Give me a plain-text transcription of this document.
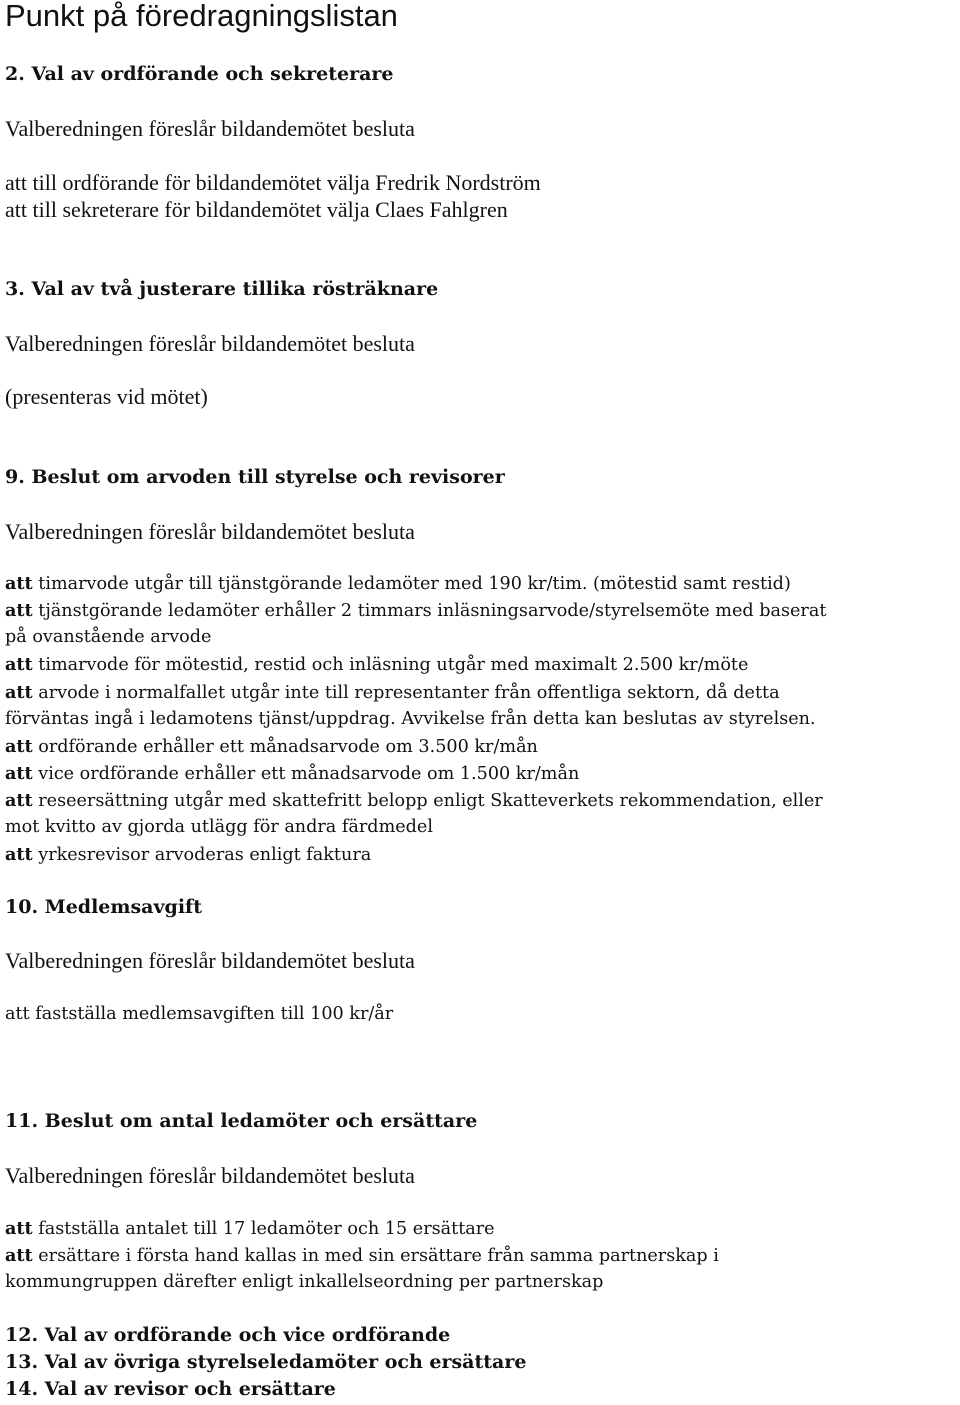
Punkt på föredragningslistan
2. Val av ordförande och sekreterare
Valberedningen föreslår bildandemötet besluta
att till ordförande för bildandemötet välja Fredrik Nordström
att till sekreterare för bildandemötet välja Claes Fahlgren
3. Val av två justerare tillika rösträknare
Valberedningen föreslår bildandemötet besluta
(presenteras vid mötet)
9. Beslut om arvoden till styrelse och revisorer
Valberedningen föreslår bildandemötet besluta
att timarvode utgår till tjänstgörande ledamöter med 190 kr/tim. (mötestid samt restid)
att tjänstgörande ledamöter erhåller 2 timmars inläsningsarvode/styrelsemöte med baserat
på ovanstående arvode
att timarvode för mötestid, restid och inläsning utgår med maximalt 2.500 kr/möte
att arvode i normalfallet utgår inte till representanter från offentliga sektorn, då detta
förväntas ingå i ledamotens tjänst/uppdrag. Avvikelse från detta kan beslutas av styrelsen.
att ordförande erhåller ett månadsarvode om 3.500 kr/mån
att vice ordförande erhåller ett månadsarvode om 1.500 kr/mån
att reseersättning utgår med skattefritt belopp enligt Skatteverkets rekommendation, eller
mot kvitto av gjorda utlägg för andra färdmedel
att yrkesrevisor arvoderas enligt faktura
10. Medlemsavgift
Valberedningen föreslår bildandemötet besluta
att fastställa medlemsavgiften till 100 kr/år
11. Beslut om antal ledamöter och ersättare
Valberedningen föreslår bildandemötet besluta
att fastställa antalet till 17 ledamöter och 15 ersättare
att ersättare i första hand kallas in med sin ersättare från samma partnerskap i
kommungruppen därefter enligt inkallelseordning per partnerskap
12. Val av ordförande och vice ordförande
13. Val av övriga styrelseledamöter och ersättare
14. Val av revisor och ersättare
